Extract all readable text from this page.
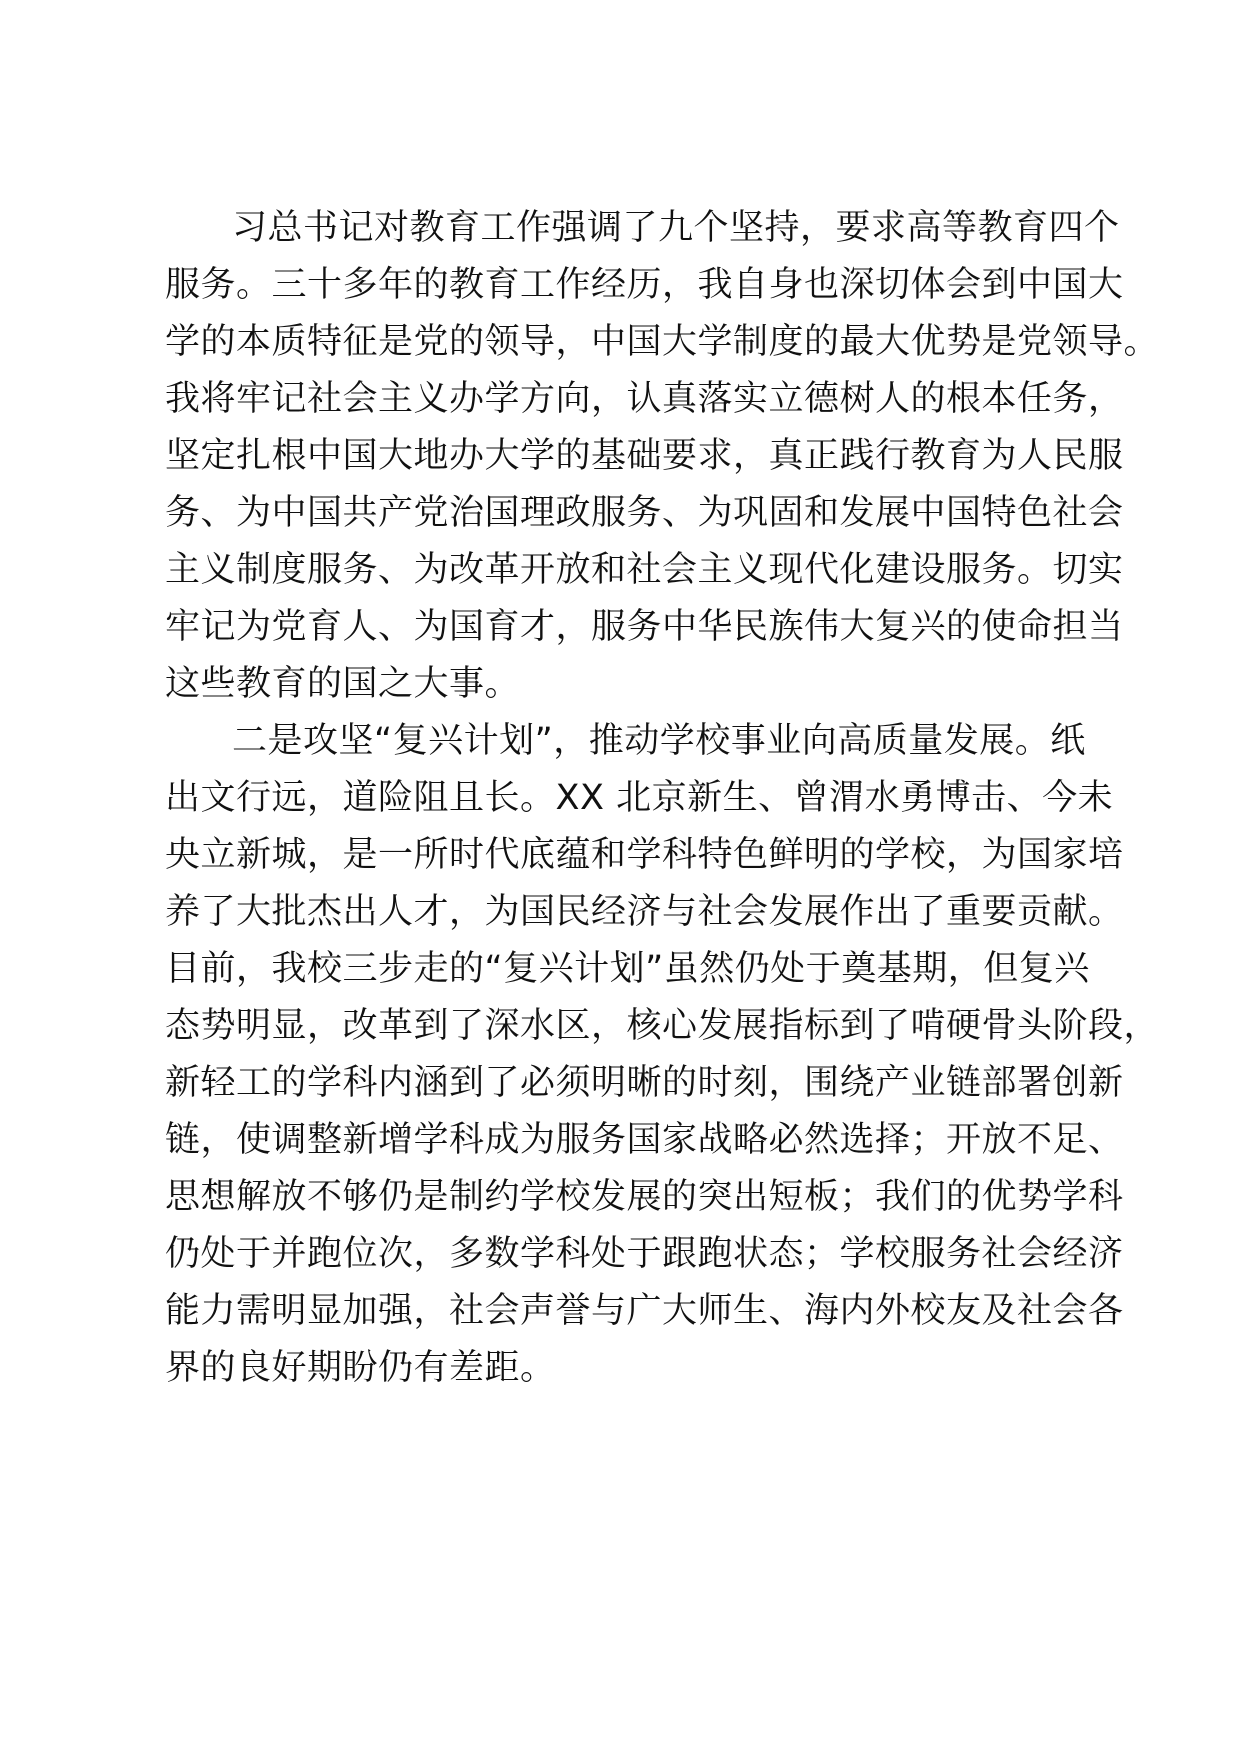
习总书记对教育工作强调了九个坚持，要求高等教育四个
服务。三十多年的教育工作经历，我自身也深切体会到中国大
学的本质特征是党的领导，中国大学制度的最大优势是党领导。
我将牢记社会主义办学方向，认真落实立德树人的根本任务，
坚定扎根中国大地办大学的基础要求，真正践行教育为人民服
务、为中国共产党治国理政服务、为巩固和发展中国特色社会
主义制度服务、为改革开放和社会主义现代化建设服务。切实
牢记为党育人、为国育才，服务中华民族伟大复兴的使命担当
这些教育的国之大事。
二是攻坚“复兴计划”，推动学校事业向高质量发展。纸
出文行远，道险阻且长。XX 北京新生、曾渭水勇博击、今未
央立新城，是一所时代底蕴和学科特色鲜明的学校，为国家培
养了大批杰出人才，为国民经济与社会发展作出了重要贡献。
目前，我校三步走的“复兴计划”虽然仍处于奠基期，但复兴
态势明显，改革到了深水区，核心发展指标到了啃硬骨头阶段，
新轻工的学科内涵到了必须明晰的时刻，围绕产业链部署创新
链，使调整新增学科成为服务国家战略必然选择；开放不足、
思想解放不够仍是制约学校发展的突出短板；我们的优势学科
仍处于并跑位次，多数学科处于跟跑状态；学校服务社会经济
能力需明显加强，社会声誉与广大师生、海内外校友及社会各
界的良好期盼仍有差距。
